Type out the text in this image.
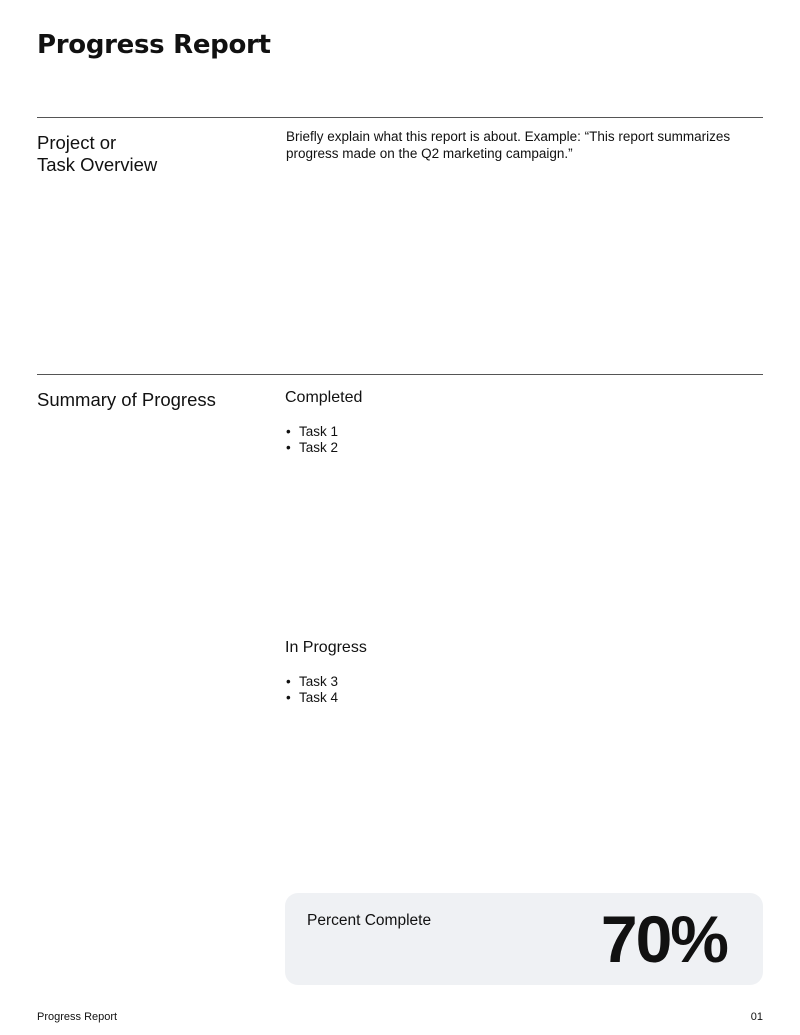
Progress Report
Project or
Task Overview
Briefly explain what this report is about. Example: “This report summarizes progress made on the Q2 marketing campaign.”
Summary of Progress	Completed
• Task 1
• Task 2
In Progress
• Task 3
• Task 4
Percent Complete	70%
Progress Report	01
